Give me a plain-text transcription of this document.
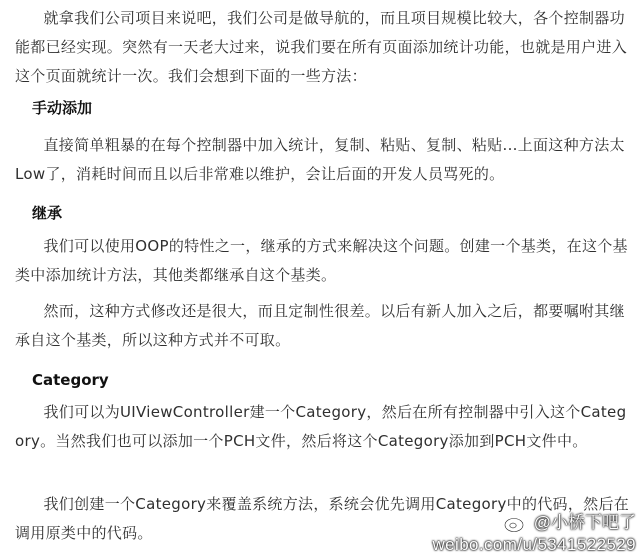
就拿我们公司项目来说吧，我们公司是做导航的，而且项目规模比较大，各个控制器功能都已经实现。突然有一天老大过来，说我们要在所有页面添加统计功能，也就是用户进入这个页面就统计一次。我们会想到下面的一些方法：

手动添加

直接简单粗暴的在每个控制器中加入统计，复制、粘贴、复制、粘贴...上面这种方法太Low了，消耗时间而且以后非常难以维护，会让后面的开发人员骂死的。

继承

我们可以使用OOP的特性之一，继承的方式来解决这个问题。创建一个基类，在这个基类中添加统计方法，其他类都继承自这个基类。

然而，这种方式修改还是很大，而且定制性很差。以后有新人加入之后，都要嘱咐其继承自这个基类，所以这种方式并不可取。

Category

我们可以为UIViewController建一个Category，然后在所有控制器中引入这个Category。当然我们也可以添加一个PCH文件，然后将这个Category添加到PCH文件中。

我们创建一个Category来覆盖系统方法，系统会优先调用Category中的代码，然后在调用原类中的代码。

@小桥下吧了
weibo.com/u/5341522529
